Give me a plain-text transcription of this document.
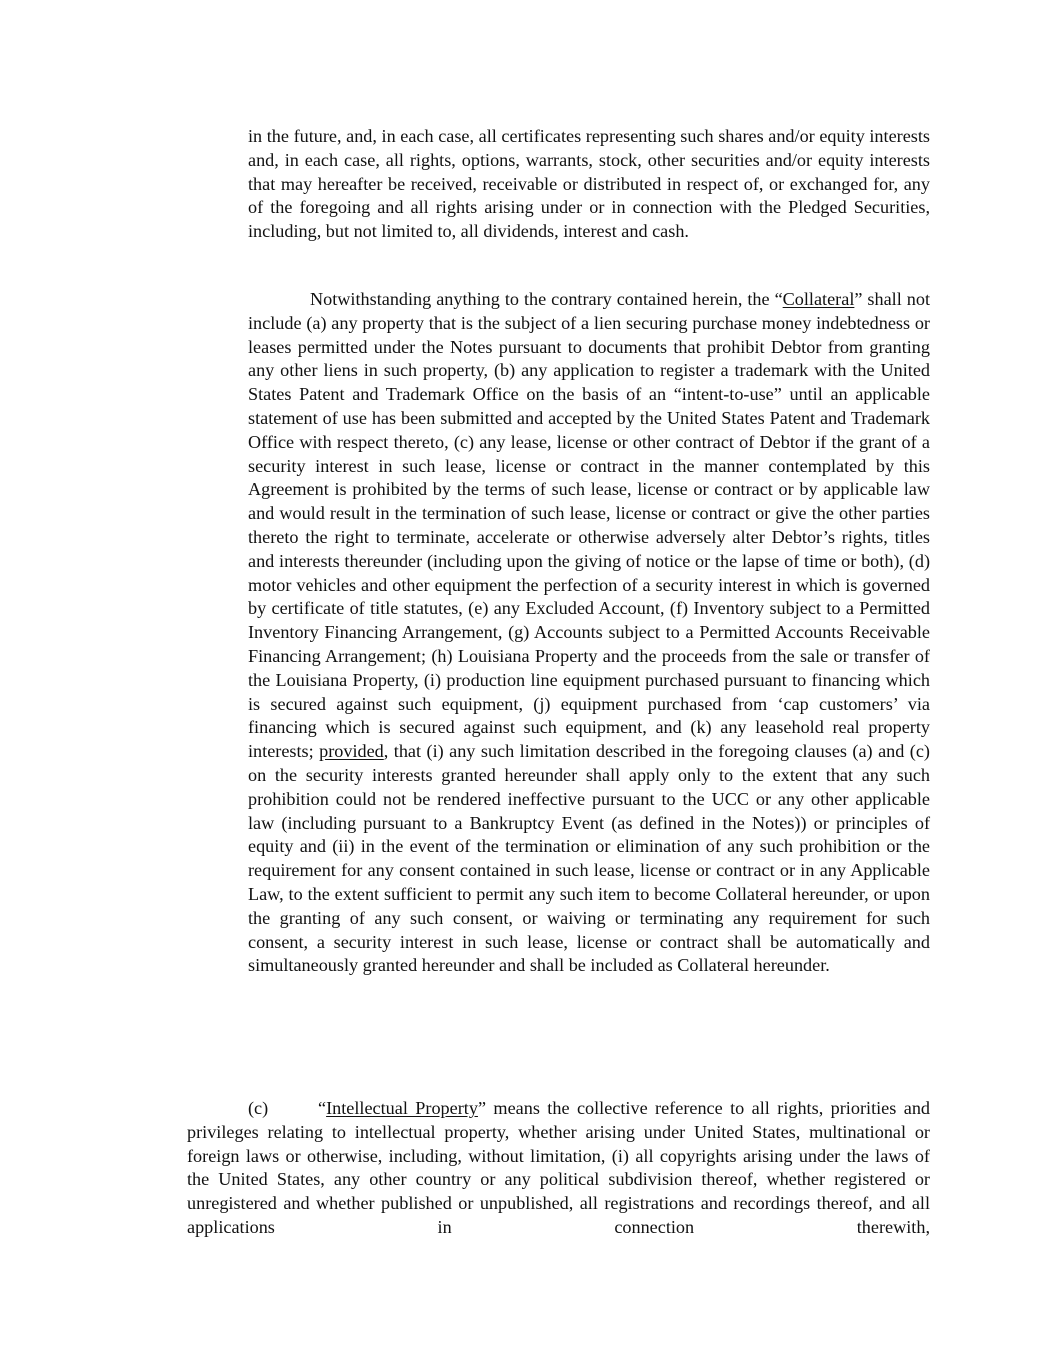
in the future, and, in each case, all certificates representing such shares and/or equity interests and, in each case, all rights, options, warrants, stock, other securities and/or equity interests that may hereafter be received, receivable or distributed in respect of, or exchanged for, any of the foregoing and all rights arising under or in connection with the Pledged Securities, including, but not limited to, all dividends, interest and cash.

Notwithstanding anything to the contrary contained herein, the “Collateral” shall not include (a) any property that is the subject of a lien securing purchase money indebtedness or leases permitted under the Notes pursuant to documents that prohibit Debtor from granting any other liens in such property, (b) any application to register a trademark with the United States Patent and Trademark Office on the basis of an “intent-to-use” until an applicable statement of use has been submitted and accepted by the United States Patent and Trademark Office with respect thereto, (c) any lease, license or other contract of Debtor if the grant of a security interest in such lease, license or contract in the manner contemplated by this Agreement is prohibited by the terms of such lease, license or contract or by applicable law and would result in the termination of such lease, license or contract or give the other parties thereto the right to terminate, accelerate or otherwise adversely alter Debtor’s rights, titles and interests thereunder (including upon the giving of notice or the lapse of time or both), (d) motor vehicles and other equipment the perfection of a security interest in which is governed by certificate of title statutes, (e) any Excluded Account, (f) Inventory subject to a Permitted Inventory Financing Arrangement, (g) Accounts subject to a Permitted Accounts Receivable Financing Arrangement; (h) Louisiana Property and the proceeds from the sale or transfer of the Louisiana Property, (i) production line equipment purchased pursuant to financing which is secured against such equipment, (j) equipment purchased from ‘cap customers’ via financing which is secured against such equipment, and (k) any leasehold real property interests; provided, that (i) any such limitation described in the foregoing clauses (a) and (c) on the security interests granted hereunder shall apply only to the extent that any such prohibition could not be rendered ineffective pursuant to the UCC or any other applicable law (including pursuant to a Bankruptcy Event (as defined in the Notes)) or principles of equity and (ii) in the event of the termination or elimination of any such prohibition or the requirement for any consent contained in such lease, license or contract or in any Applicable Law, to the extent sufficient to permit any such item to become Collateral hereunder, or upon the granting of any such consent, or waiving or terminating any requirement for such consent, a security interest in such lease, license or contract shall be automatically and simultaneously granted hereunder and shall be included as Collateral hereunder.

(c)	“Intellectual Property” means the collective reference to all rights, priorities and privileges relating to intellectual property, whether arising under United States, multinational or foreign laws or otherwise, including, without limitation, (i) all copyrights arising under the laws of the United States, any other country or any political subdivision thereof, whether registered or unregistered and whether published or unpublished, all registrations and recordings thereof, and all applications in connection therewith,
